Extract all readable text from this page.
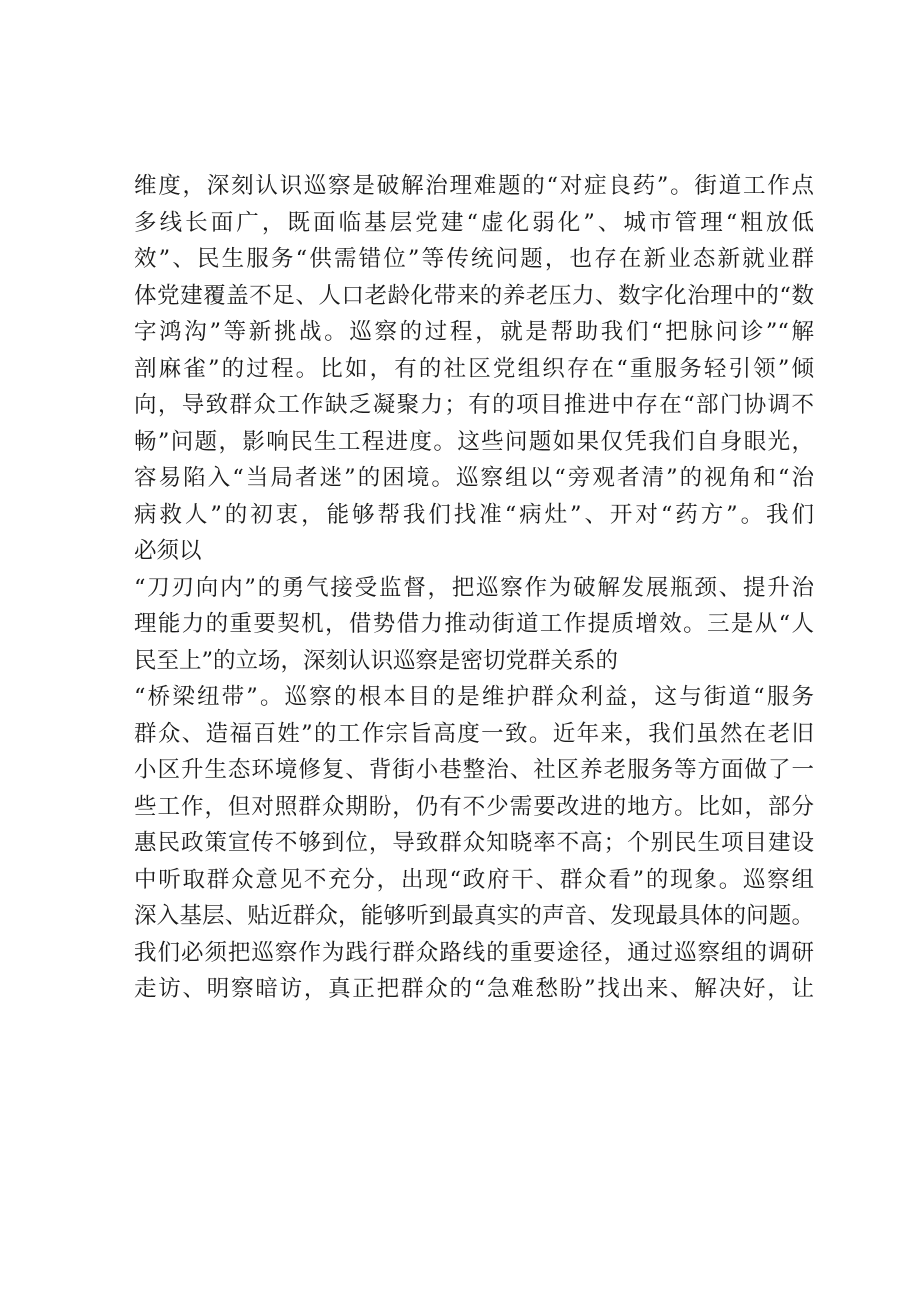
维度，深刻认识巡察是破解治理难题的“对症良药”。街道工作点
多线长面广，既面临基层党建“虚化弱化”、城市管理“粗放低
效”、民生服务“供需错位”等传统问题，也存在新业态新就业群
体党建覆盖不足、人口老龄化带来的养老压力、数字化治理中的“数
字鸿沟”等新挑战。巡察的过程，就是帮助我们“把脉问诊”“解
剖麻雀”的过程。比如，有的社区党组织存在“重服务轻引领”倾
向，导致群众工作缺乏凝聚力；有的项目推进中存在“部门协调不
畅”问题，影响民生工程进度。这些问题如果仅凭我们自身眼光，
容易陷入“当局者迷”的困境。巡察组以“旁观者清”的视角和“治
病救人”的初衷，能够帮我们找准“病灶”、开对“药方”。我们
必须以
“刀刃向内”的勇气接受监督，把巡察作为破解发展瓶颈、提升治
理能力的重要契机，借势借力推动街道工作提质增效。三是从“人
民至上”的立场，深刻认识巡察是密切党群关系的
“桥梁纽带”。巡察的根本目的是维护群众利益，这与街道“服务
群众、造福百姓”的工作宗旨高度一致。近年来，我们虽然在老旧
小区升生态环境修复、背街小巷整治、社区养老服务等方面做了一
些工作，但对照群众期盼，仍有不少需要改进的地方。比如，部分
惠民政策宣传不够到位，导致群众知晓率不高；个别民生项目建设
中听取群众意见不充分，出现“政府干、群众看”的现象。巡察组
深入基层、贴近群众，能够听到最真实的声音、发现最具体的问题。
我们必须把巡察作为践行群众路线的重要途径，通过巡察组的调研
走访、明察暗访，真正把群众的“急难愁盼”找出来、解决好，让
